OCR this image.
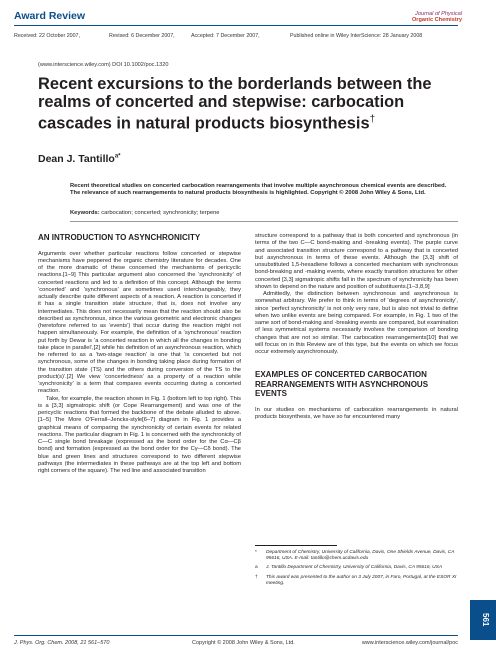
Award Review	Journal of Physical
Organic Chemistry
Received: 22 October 2007,	Revised: 6 December 2007,	Accepted: 7 December 2007,	Published online in Wiley InterScience: 28 January 2008
(www.interscience.wiley.com) DOI 10.1002/poc.1320
Recent excursions to the borderlands between the realms of concerted and stepwise: carbocation cascades in natural products biosynthesis†
Dean J. Tantillo$^{a*}$
Recent theoretical studies on concerted carbocation rearrangements that involve multiple asynchronous chemical events are described. The relevance of such rearrangements to natural products biosynthesis is highlighted. Copyright © 2008 John Wiley & Sons, Ltd.
Keywords: carbocation; concerted; synchronicity; terpene
AN INTRODUCTION TO ASYNCHRONICITY

Arguments over whether particular reactions follow concerted or stepwise mechanisms have peppered the organic chemistry literature for decades. One of the more dramatic of these concerned the mechanisms of pericyclic reactions.[1–9] This particular argument also concerned the ‘synchronicity’ of concerted reactions and led to a definition of this concept. Although the terms ‘concerted’ and ‘synchronous’ are sometimes used interchangeably, they actually describe quite different aspects of a reaction. A reaction is concerted if it has a single transition state structure, that is, does not involve any intermediates. This does not necessarily mean that the reaction should also be described as synchronous, since the various geometric and electronic changes (heretofore referred to as ‘events’) that occur during the reaction might not happen simultaneously. For example, the definition of a ‘synchronous’ reaction put forth by Dewar is ‘a concerted reaction in which all the changes in bonding take place in parallel’,[2] while his definition of an asynchronous reaction, which he referred to as a ‘two-stage reaction’ is one that ‘is concerted but not synchronous, some of the changes in bonding taking place during formation of the transition state (TS) and the others during conversion of the TS to the product(s)’.[2] We view ‘concertedness’ as a property of a reaction while ‘synchronicity’ is a term that compares events occurring during a concerted reaction.

Take, for example, the reaction shown in Fig. 1 (bottom left to top right). This is a [3,3] sigmatropic shift (or Cope Rearrangement) and was one of the pericyclic reactions that formed the backbone of the debate alluded to above.[1–5] The More O’Ferrall–Jencks-style[6–7] diagram in Fig. 1 provides a graphical means of comparing the synchronicity of certain events for related reactions. The particular diagram in Fig. 1 is concerned with the synchronicity of C—C single bond breakage (expressed as the bond order for the Cα—Cβ bond) and formation (expressed as the bond order for the Cγ—Cδ bond). The blue and green lines and structures correspond to two different stepwise pathways (the intermediates in these pathways are at the top left and bottom right corners of the square). The red line and associated transition

structure correspond to a pathway that is both concerted and synchronous (in terms of the two C—C bond-making and -breaking events). The purple curve and associated transition structure correspond to a pathway that is concerted but asynchronous in terms of these events. Although the [3,3] shift of unsubstituted 1,5-hexadiene follows a concerted mechanism with synchronous bond-breaking and -making events, where exactly transition structures for other concerted [3,3] sigmatropic shifts fall in the spectrum of synchronicity has been shown to depend on the nature and position of substituents.[1–3,8,9]

Admittedly, the distinction between synchronous and asynchronous is somewhat arbitrary. We prefer to think in terms of ‘degrees of asynchronicity’, since ‘perfect synchronicity’ is not only very rare, but is also not trivial to define when two unlike events are being compared. For example, in Fig. 1 two of the same sort of bond-making and -breaking events are compared, but examination of less symmetrical systems necessarily involves the comparison of bonding changes that are not so similar. The carbocation rearrangements[10] that we will focus on in this Review are of this type, but the events on which we focus occur extremely asynchronously.

EXAMPLES OF CONCERTED CARBOCATION REARRANGEMENTS WITH ASYNCHRONOUS EVENTS

In our studies on mechanisms of carbocation rearrangements in natural products biosynthesis, we have so far encountered many

* Department of Chemistry, University of California, Davis, One Shields Avenue, Davis, CA 95616, USA. E-mail: tantillo@chem.ucdavis.edu
a J. Tantillo Department of Chemistry, University of California, Davis, CA 95616, USA
† This award was presented to the author on 3 July 2007, in Faro, Portugal, at the ESOR XI meeting.
561
J. Phys. Org. Chem. 2008, 21 561–570	Copyright © 2008 John Wiley & Sons, Ltd.	www.interscience.wiley.com/journal/poc
